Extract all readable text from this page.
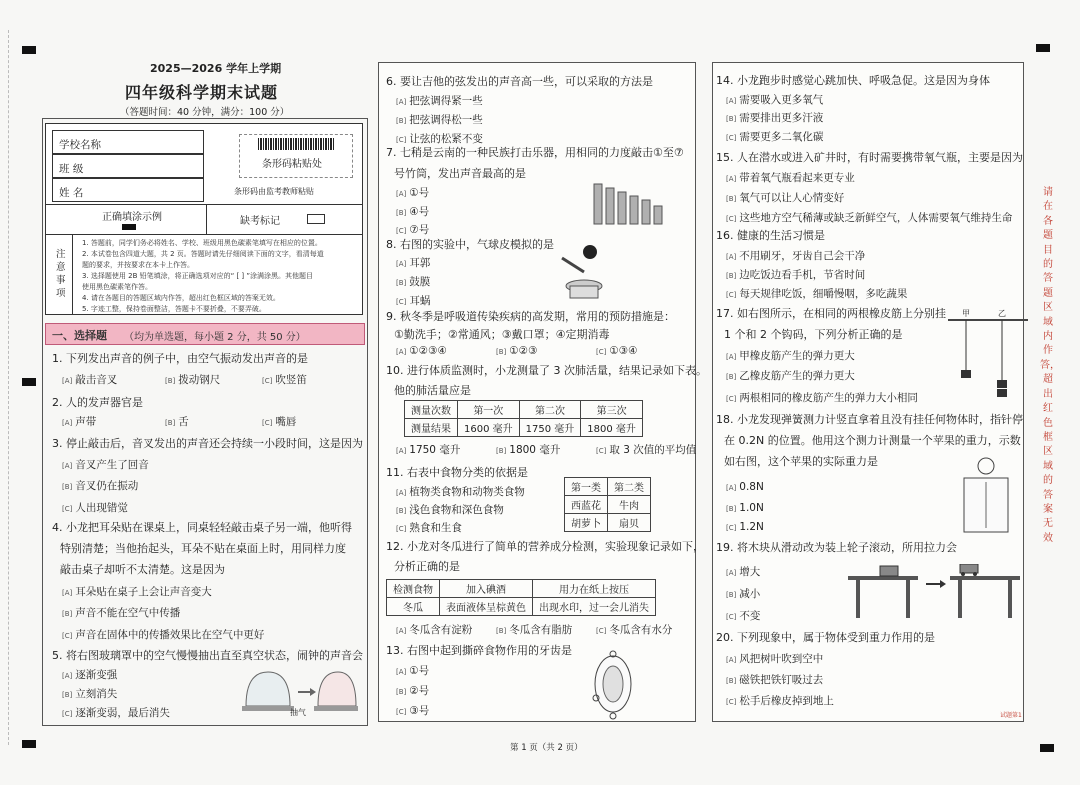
2025—2026 学年上学期
四年级科学期末试题
（答题时间：40 分钟，满分：100 分）
学校名称
班 级
姓 名
条形码粘贴处
条形码由监考教师粘贴
正确填涂示例	缺考标记
注
意
事
项
1. 答题前，同学们务必将姓名、学校、班级用黑色碳素笔填写在相应的位置。
2. 本试卷包含四道大题，共 2 页。答题时请先仔细阅读下面的文字，看清每道
题的要求，并按要求在本卡上作答。
3. 选择题使用 2B 铅笔填涂，将正确选项对应的“ [ ] ”涂满涂黑。其他题目
使用黑色碳素笔作答。
4. 请在各题目的答题区域内作答，超出红色框区域的答案无效。
5. 字迹工整，保持卷面整洁，答题卡不要折叠，不要弄破。
一、选择题 （均为单选题，每小题 2 分，共 50 分）
1. 下列发出声音的例子中，由空气振动发出声音的是
[A] 敲击音叉	[B] 拨动钢尺	[C] 吹竖笛
2. 人的发声器官是
[A] 声带	[B] 舌	[C] 嘴唇
3. 停止敲击后，音叉发出的声音还会持续一小段时间，这是因为
[A] 音叉产生了回音
[B] 音叉仍在振动
[C] 人出现错觉
4. 小龙把耳朵贴在课桌上，同桌轻轻敲击桌子另一端，他听得
特别清楚；当他抬起头，耳朵不贴在桌面上时，用同样力度
敲击桌子却听不太清楚。这是因为
[A] 耳朵贴在桌子上会让声音变大
[B] 声音不能在空气中传播
[C] 声音在固体中的传播效果比在空气中更好
5. 将右图玻璃罩中的空气慢慢抽出直至真空状态，闹钟的声音会
[A] 逐渐变强
[B] 立刻消失
[C] 逐渐变弱，最后消失
6. 要让吉他的弦发出的声音高一些，可以采取的方法是
[A] 把弦调得紧一些
[B] 把弦调得松一些
[C] 让弦的松紧不变
7. 七稍是云南的一种民族打击乐器，用相同的力度敲击①至⑦
号竹筒，发出声音最高的是
[A] ①号
[B] ④号
[C] ⑦号
8. 右图的实验中，气球皮模拟的是
[A] 耳郭
[B] 鼓膜
[C] 耳蜗
9. 秋冬季是呼吸道传染疾病的高发期，常用的预防措施是：
①勤洗手；②常通风；③戴口罩；④定期消毒
[A] ①②③④	[B] ①②③	[C] ①③④
10. 进行体质监测时，小龙测量了 3 次肺活量，结果记录如下表。
他的肺活量应是
[A] 1750 毫升	[B] 1800 毫升	[C] 取 3 次值的平均值
测量次数	第一次	第二次	第三次
测量结果	1600 毫升	1750 毫升	1800 毫升
11. 右表中食物分类的依据是
[A] 植物类食物和动物类食物
[B] 浅色食物和深色食物
[C] 熟食和生食
第一类	第二类
西蓝花	牛肉
胡萝卜	扇贝
12. 小龙对冬瓜进行了简单的营养成分检测，实验现象记录如下，
分析正确的是
[A] 冬瓜含有淀粉	[B] 冬瓜含有脂肪	[C] 冬瓜含有水分
检测食物	加入碘酒	用力在纸上按压
冬瓜	表面液体呈棕黄色	出现水印，过一会儿消失
13. 右图中起到撕碎食物作用的牙齿是
[A] ①号
[B] ②号
[C] ③号
14. 小龙跑步时感觉心跳加快、呼吸急促。这是因为身体
[A] 需要吸入更多氧气
[B] 需要排出更多汗液
[C] 需要更多二氧化碳
15. 人在潜水或进入矿井时，有时需要携带氧气瓶，主要是因为
[A] 带着氧气瓶看起来更专业
[B] 氧气可以让人心情变好
[C] 这些地方空气稀薄或缺乏新鲜空气，人体需要氧气维持生命
16. 健康的生活习惯是
[A] 不用刷牙，牙齿自己会干净
[B] 边吃饭边看手机，节省时间
[C] 每天规律吃饭，细嚼慢咽，多吃蔬果
17. 如右图所示，在相同的两根橡皮筋上分别挂
1 个和 2 个钩码，下列分析正确的是
[A] 甲橡皮筋产生的弹力更大
[B] 乙橡皮筋产生的弹力更大
[C] 两根相同的橡皮筋产生的弹力大小相同
18. 小龙发现弹簧测力计竖直拿着且没有挂任何物体时，指针停
在 0.2N 的位置。他用这个测力计测量一个苹果的重力，示数
如右图，这个苹果的实际重力是
[A] 0.8N
[B] 1.0N
[C] 1.2N
19. 将木块从滑动改为装上轮子滚动，所用拉力会
[A] 增大
[B] 减小
[C] 不变
20. 下列现象中，属于物体受到重力作用的是
[A] 风把树叶吹到空中
[B] 磁铁把铁钉吸过去
[C] 松手后橡皮掉到地上
抽气
甲	乙
请在各题目的答题区域内作答，超出红色框区域的答案无效
第 1 页（共 2 页）
试题第1
